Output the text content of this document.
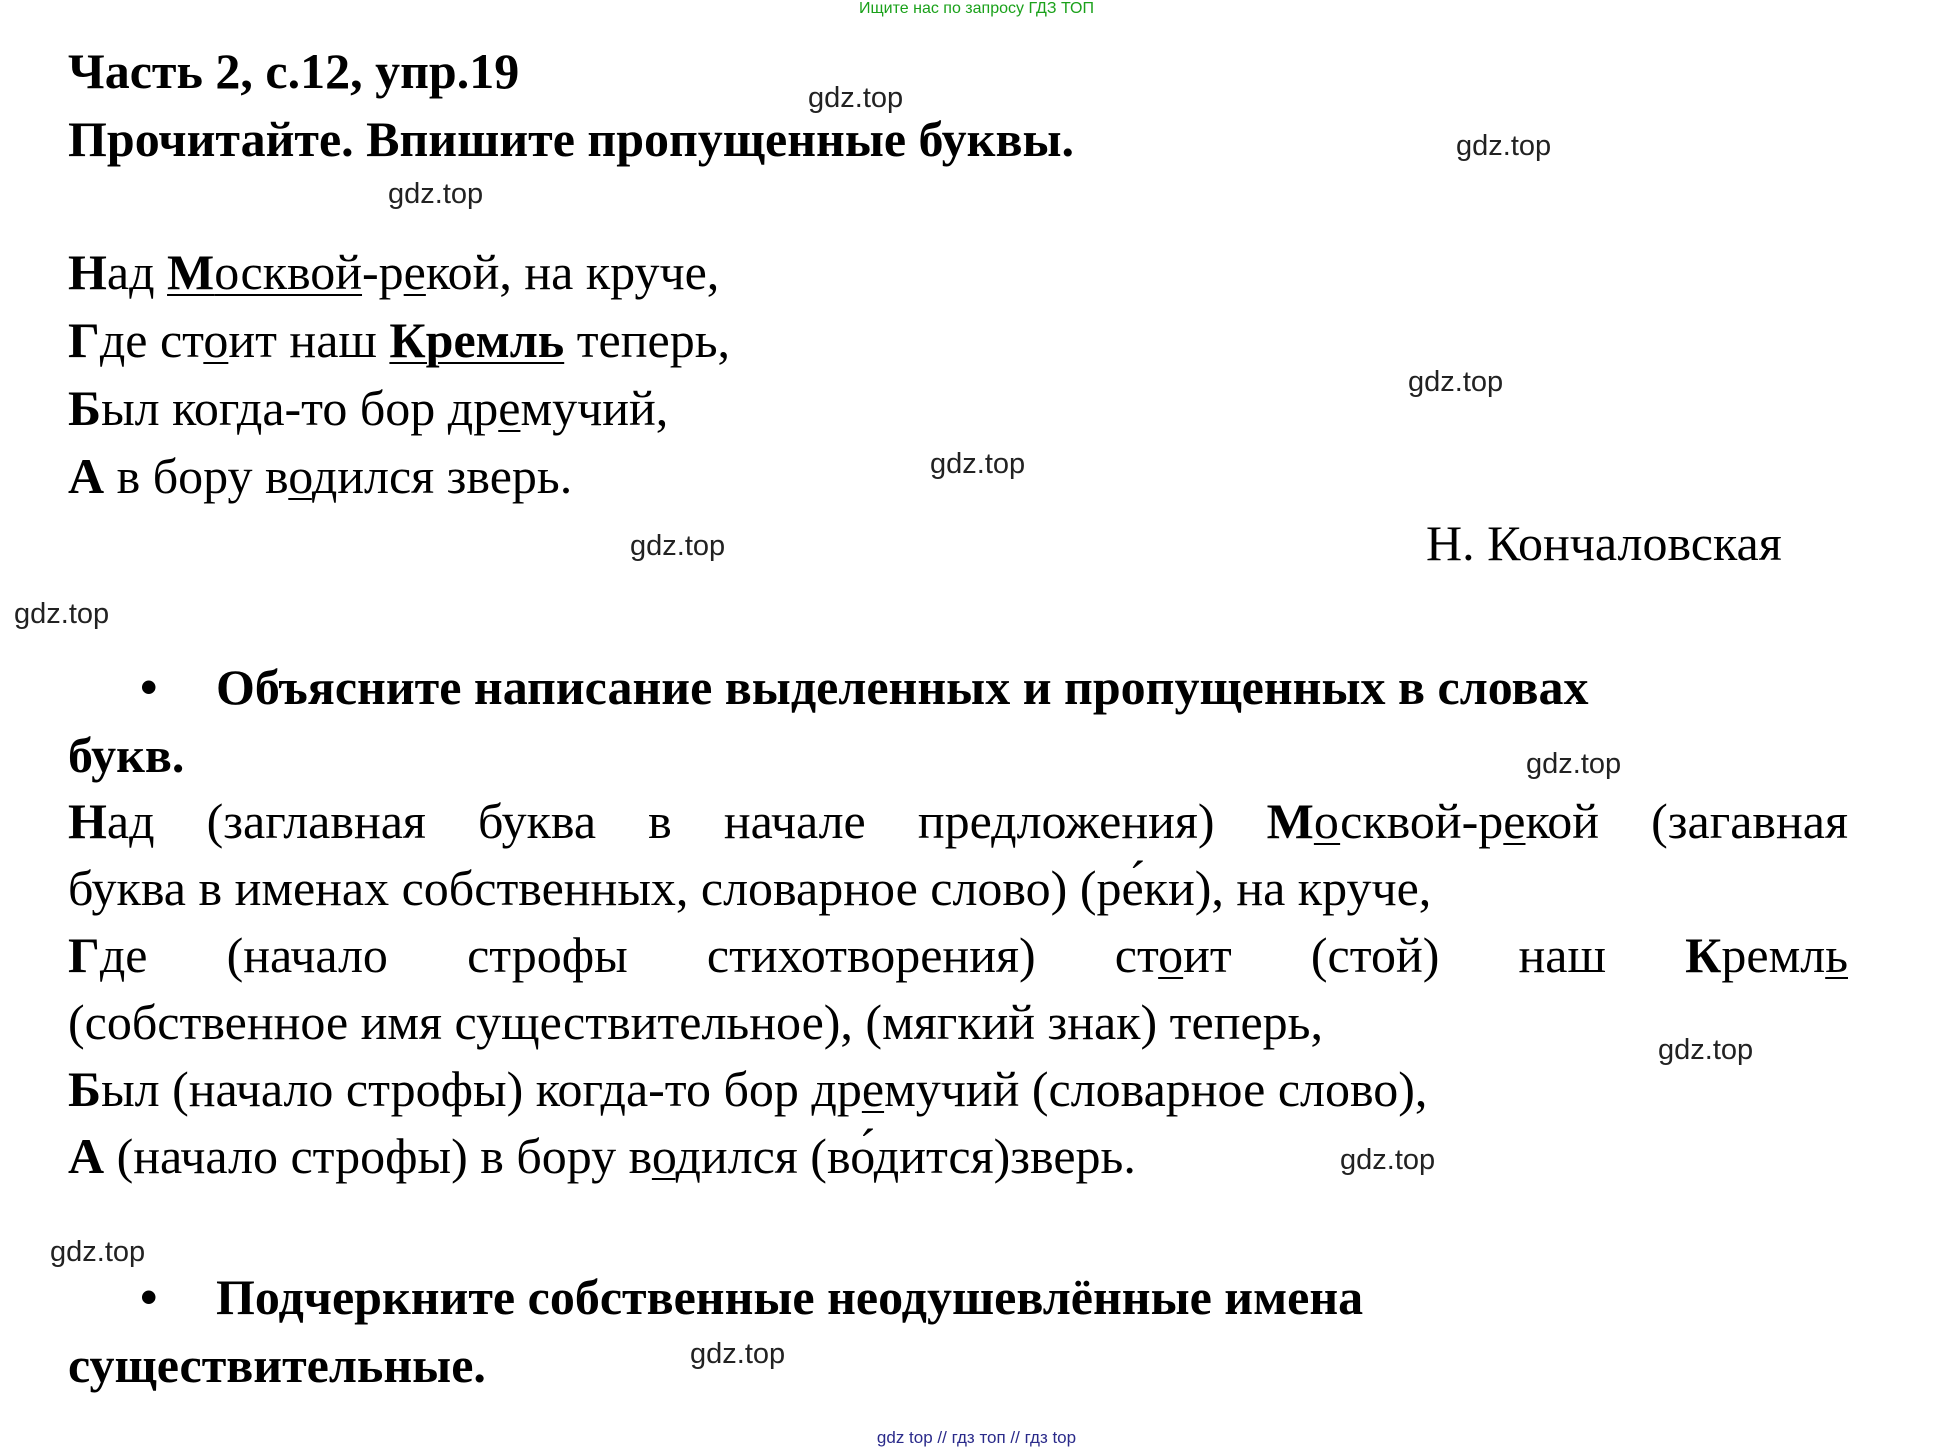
Ищите нас по запросу ГДЗ ТОП
Часть 2, с.12, упр.19
Прочитайте. Впишите пропущенные буквы.
Над Москвой-рекой, на круче,
Где стоит наш Кремль теперь,
Был когда-то бор дремучий,
А в бору водился зверь.
Н. Кончаловская
• Объясните написание выделенных и пропущенных в словах
букв.
Над (заглавная буква в начале предложения) Москвой-рекой (загавная
буква в именах собственных, словарное слово) (ре́ки), на круче,
Где (начало строфы стихотворения) стоит (стой) наш Кремль
(собственное имя существительное), (мягкий знак) теперь,
Был (начало строфы) когда-то бор дремучий (словарное слово),
А (начало строфы) в бору водился (во́дится)зверь.
• Подчеркните собственные неодушевлённые имена
существительные.
gdz.top
gdz.top
gdz.top
gdz.top
gdz.top
gdz.top
gdz.top
gdz.top
gdz.top
gdz.top
gdz.top
gdz.top
gdz top // гдз топ // гдз top
